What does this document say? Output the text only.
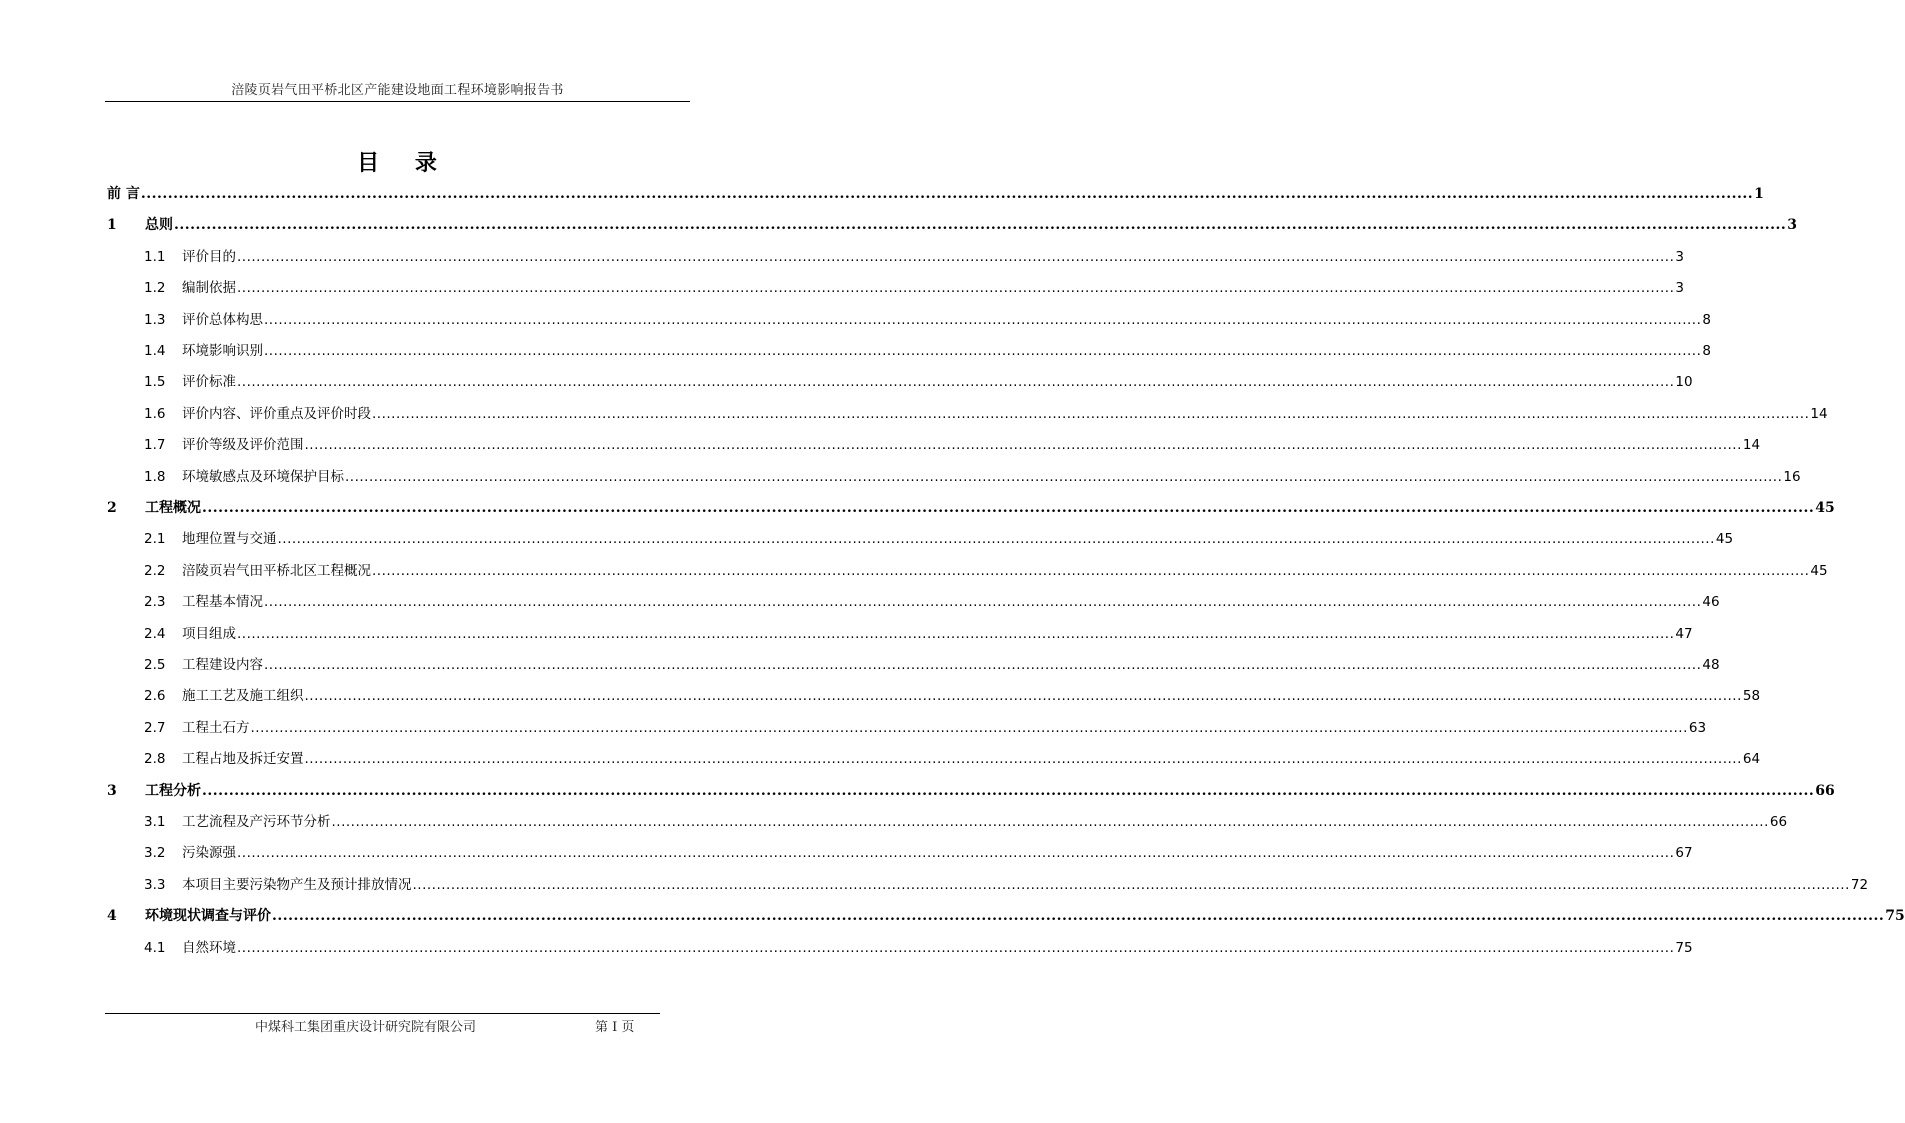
涪陵页岩气田平桥北区产能建设地面工程环境影响报告书
目 录
前 言 ............................................................................................................................................................................................................................................................................................................ 1
1	总则 ............................................................................................................................................................................................................................................................................................................ 3
1.1	评价目的 ............................................................................................................................................................................................................................................................................................................ 3
1.2	编制依据 ............................................................................................................................................................................................................................................................................................................ 3
1.3	评价总体构思 ............................................................................................................................................................................................................................................................................................................ 8
1.4	环境影响识别 ............................................................................................................................................................................................................................................................................................................ 8
1.5	评价标准 ............................................................................................................................................................................................................................................................................................................ 10
1.6	评价内容、评价重点及评价时段 ............................................................................................................................................................................................................................................................................................................ 14
1.7	评价等级及评价范围 ............................................................................................................................................................................................................................................................................................................ 14
1.8	环境敏感点及环境保护目标 ............................................................................................................................................................................................................................................................................................................ 16
2	工程概况 ............................................................................................................................................................................................................................................................................................................ 45
2.1	地理位置与交通 ............................................................................................................................................................................................................................................................................................................ 45
2.2	涪陵页岩气田平桥北区工程概况 ............................................................................................................................................................................................................................................................................................................ 45
2.3	工程基本情况 ............................................................................................................................................................................................................................................................................................................ 46
2.4	项目组成 ............................................................................................................................................................................................................................................................................................................ 47
2.5	工程建设内容 ............................................................................................................................................................................................................................................................................................................ 48
2.6	施工工艺及施工组织 ............................................................................................................................................................................................................................................................................................................ 58
2.7	工程土石方 ............................................................................................................................................................................................................................................................................................................ 63
2.8	工程占地及拆迁安置 ............................................................................................................................................................................................................................................................................................................ 64
3	工程分析 ............................................................................................................................................................................................................................................................................................................ 66
3.1	工艺流程及产污环节分析 ............................................................................................................................................................................................................................................................................................................ 66
3.2	污染源强 ............................................................................................................................................................................................................................................................................................................ 67
3.3	本项目主要污染物产生及预计排放情况 ............................................................................................................................................................................................................................................................................................................ 72
4	环境现状调查与评价 ............................................................................................................................................................................................................................................................................................................ 75
4.1	自然环境 ............................................................................................................................................................................................................................................................................................................ 75
中煤科工集团重庆设计研究院有限公司	第 I 页
